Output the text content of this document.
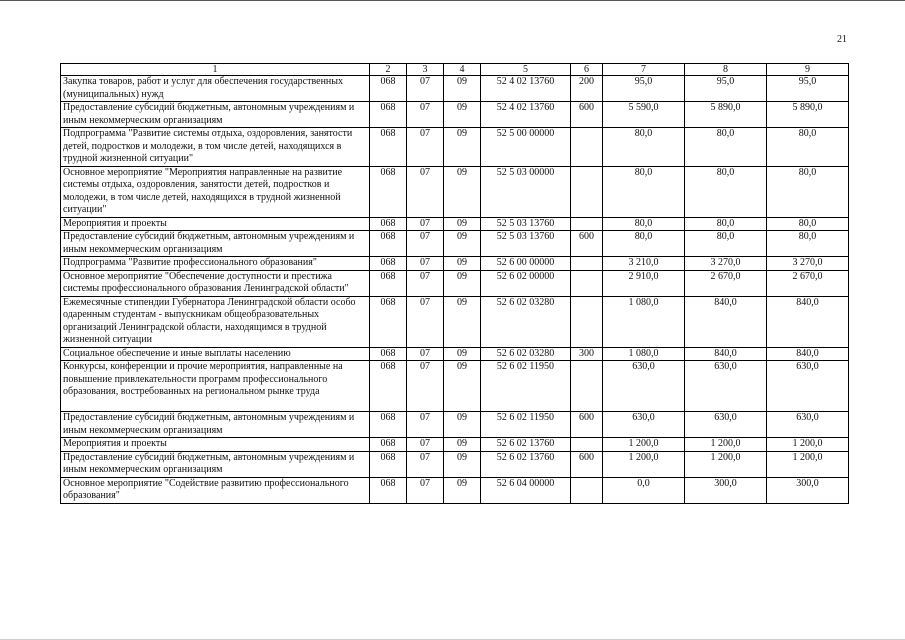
21
1	2	3	4	5	6	7	8	9
Закупка товаров, работ и услуг для обеспечения государственных (муниципальных) нужд	068	07	09	52 4 02 13760	200	95,0	95,0	95,0
Предоставление субсидий бюджетным, автономным учреждениям и иным некоммерческим организациям	068	07	09	52 4 02 13760	600	5 590,0	5 890,0	5 890,0
Подпрограмма "Развитие системы отдыха, оздоровления, занятости детей, подростков и молодежи, в том числе детей, находящихся в трудной жизненной ситуации"	068	07	09	52 5 00 00000		80,0	80,0	80,0
Основное мероприятие "Мероприятия направленные на развитие системы отдыха, оздоровления, занятости детей, подростков и молодежи, в том числе детей, находящихся в трудной жизненной ситуации"	068	07	09	52 5 03 00000		80,0	80,0	80,0
Мероприятия и проекты	068	07	09	52 5 03 13760		80,0	80,0	80,0
Предоставление субсидий бюджетным, автономным учреждениям и иным некоммерческим организациям	068	07	09	52 5 03 13760	600	80,0	80,0	80,0
Подпрограмма "Развитие профессионального образования"	068	07	09	52 6 00 00000		3 210,0	3 270,0	3 270,0
Основное мероприятие "Обеспечение доступности и престижа системы профессионального образования Ленинградской области"	068	07	09	52 6 02 00000		2 910,0	2 670,0	2 670,0
Ежемесячные стипендии Губернатора Ленинградской области особо одаренным студентам - выпускникам общеобразовательных организаций Ленинградской области, находящимся в трудной жизненной ситуации	068	07	09	52 6 02 03280		1 080,0	840,0	840,0
Социальное обеспечение и иные выплаты населению	068	07	09	52 6 02 03280	300	1 080,0	840,0	840,0
Конкурсы, конференции и прочие мероприятия, направленные на повышение привлекательности программ профессионального образования, востребованных на региональном рынке труда	068	07	09	52 6 02 11950		630,0	630,0	630,0
Предоставление субсидий бюджетным, автономным учреждениям и иным некоммерческим организациям	068	07	09	52 6 02 11950	600	630,0	630,0	630,0
Мероприятия и проекты	068	07	09	52 6 02 13760		1 200,0	1 200,0	1 200,0
Предоставление субсидий бюджетным, автономным учреждениям и иным некоммерческим организациям	068	07	09	52 6 02 13760	600	1 200,0	1 200,0	1 200,0
Основное мероприятие "Содействие развитию профессионального образования"	068	07	09	52 6 04 00000		0,0	300,0	300,0
